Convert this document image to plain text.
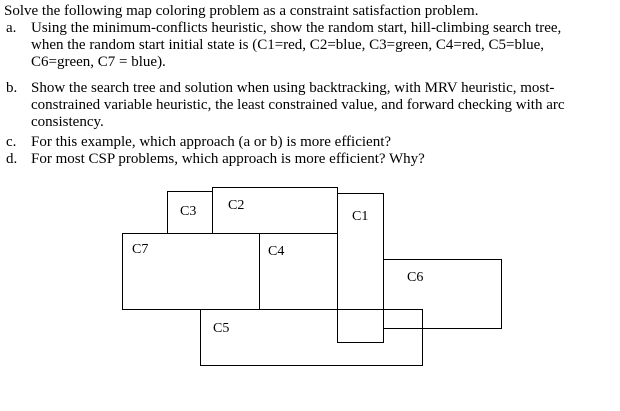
Solve the following map coloring problem as a constraint satisfaction problem.
a. Using the minimum-conflicts heuristic, show the random start, hill-climbing search tree,
when the random start initial state is (C1=red, C2=blue, C3=green, C4=red, C5=blue,
C6=green, C7 = blue).
b. Show the search tree and solution when using backtracking, with MRV heuristic, most-
constrained variable heuristic, the least constrained value, and forward checking with arc
consistency.
c. For this example, which approach (a or b) is more efficient?
d. For most CSP problems, which approach is more efficient? Why?
C3 C2
C1
C7	C4
C6
C5
